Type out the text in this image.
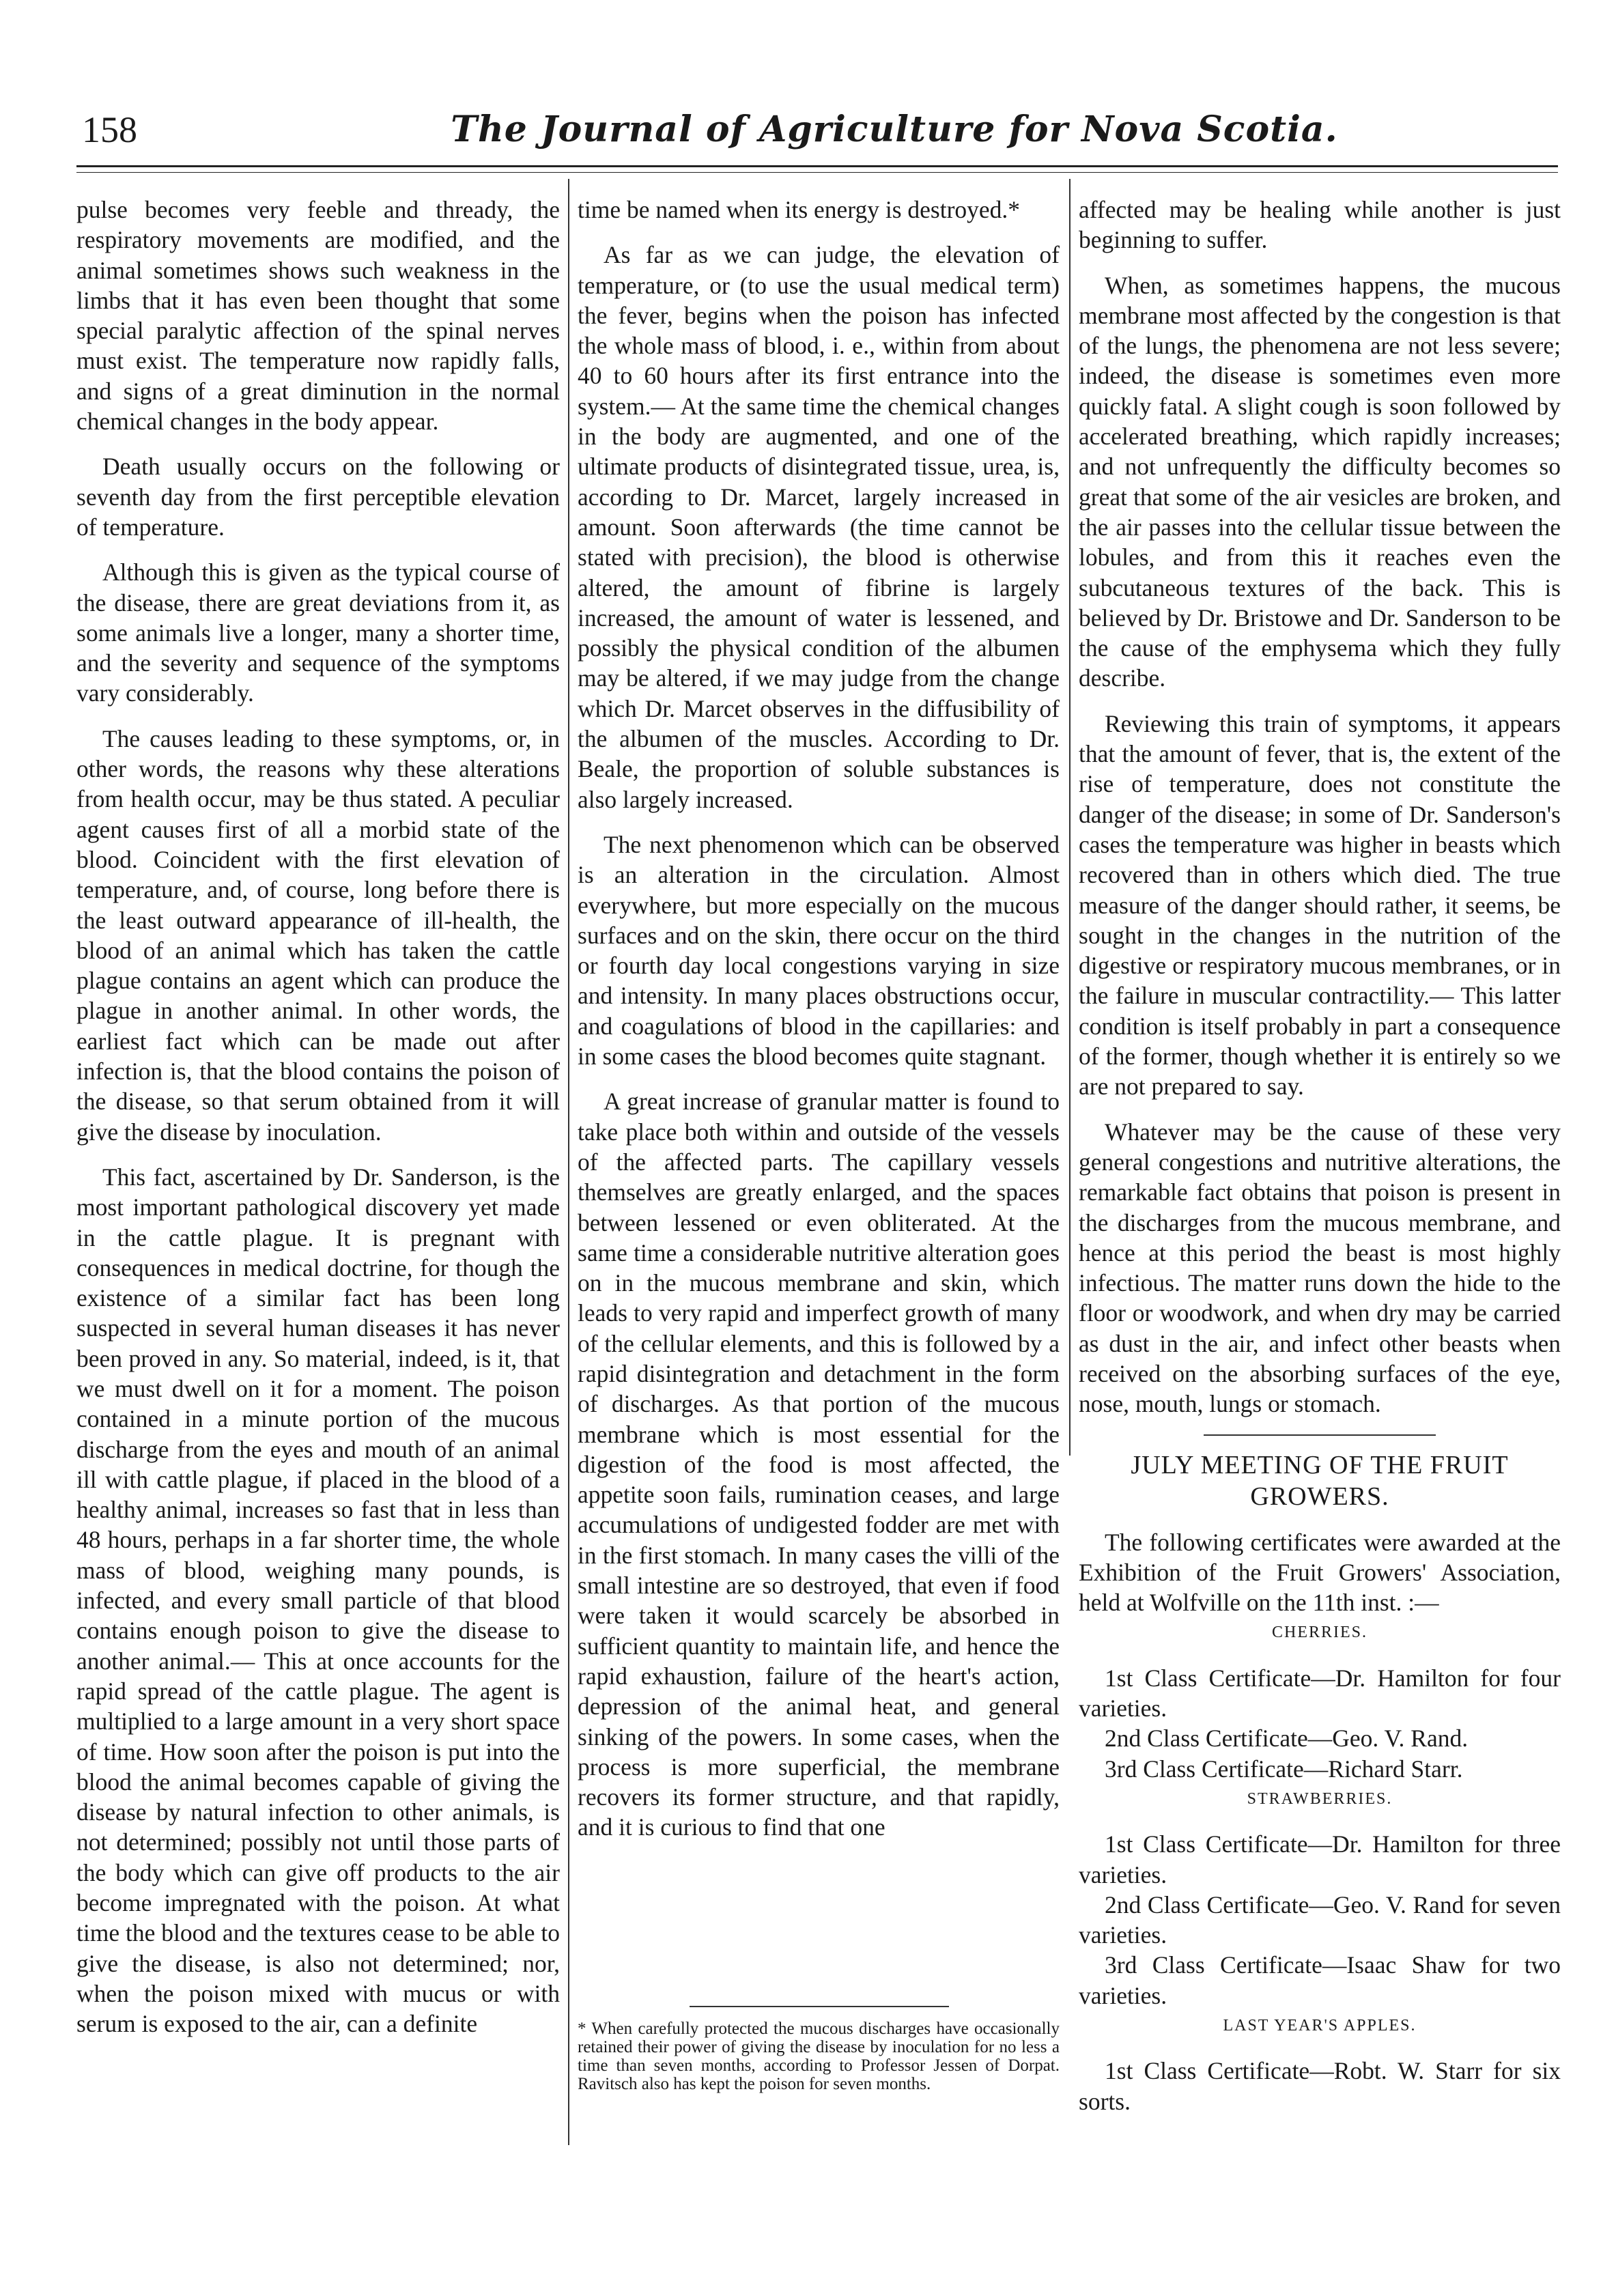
158	The Journal of Agriculture for Nova Scotia.

pulse becomes very feeble and thready, the respiratory movements are modified, and the animal sometimes shows such weakness in the limbs that it has even been thought that some special paralytic affection of the spinal nerves must exist. The temperature now rapidly falls, and signs of a great diminution in the normal chemical changes in the body appear.

Death usually occurs on the following or seventh day from the first perceptible elevation of temperature.

Although this is given as the typical course of the disease, there are great deviations from it, as some animals live a longer, many a shorter time, and the severity and sequence of the symptoms vary considerably.

The causes leading to these symptoms, or, in other words, the reasons why these alterations from health occur, may be thus stated. A peculiar agent causes first of all a morbid state of the blood. Coincident with the first elevation of temperature, and, of course, long before there is the least outward appearance of ill-health, the blood of an animal which has taken the cattle plague contains an agent which can produce the plague in another animal. In other words, the earliest fact which can be made out after infection is, that the blood contains the poison of the disease, so that serum obtained from it will give the disease by inoculation.

This fact, ascertained by Dr. Sanderson, is the most important pathological discovery yet made in the cattle plague. It is pregnant with consequences in medical doctrine, for though the existence of a similar fact has been long suspected in several human diseases it has never been proved in any. So material, indeed, is it, that we must dwell on it for a moment. The poison contained in a minute portion of the mucous discharge from the eyes and mouth of an animal ill with cattle plague, if placed in the blood of a healthy animal, increases so fast that in less than 48 hours, perhaps in a far shorter time, the whole mass of blood, weighing many pounds, is infected, and every small particle of that blood contains enough poison to give the disease to another animal.— This at once accounts for the rapid spread of the cattle plague. The agent is multiplied to a large amount in a very short space of time. How soon after the poison is put into the blood the animal becomes capable of giving the disease by natural infection to other animals, is not determined; possibly not until those parts of the body which can give off products to the air become impregnated with the poison. At what time the blood and the textures cease to be able to give the disease, is also not determined; nor, when the poison mixed with mucus or with serum is exposed to the air, can a definite

time be named when its energy is destroyed.*

As far as we can judge, the elevation of temperature, or (to use the usual medical term) the fever, begins when the poison has infected the whole mass of blood, i. e., within from about 40 to 60 hours after its first entrance into the system.— At the same time the chemical changes in the body are augmented, and one of the ultimate products of disintegrated tissue, urea, is, according to Dr. Marcet, largely increased in amount. Soon afterwards (the time cannot be stated with precision), the blood is otherwise altered, the amount of fibrine is largely increased, the amount of water is lessened, and possibly the physical condition of the albumen may be altered, if we may judge from the change which Dr. Marcet observes in the diffusibility of the albumen of the muscles. According to Dr. Beale, the proportion of soluble substances is also largely increased.

The next phenomenon which can be observed is an alteration in the circulation. Almost everywhere, but more especially on the mucous surfaces and on the skin, there occur on the third or fourth day local congestions varying in size and intensity. In many places obstructions occur, and coagulations of blood in the capillaries: and in some cases the blood becomes quite stagnant.

A great increase of granular matter is found to take place both within and outside of the vessels of the affected parts. The capillary vessels themselves are greatly enlarged, and the spaces between lessened or even obliterated. At the same time a considerable nutritive alteration goes on in the mucous membrane and skin, which leads to very rapid and imperfect growth of many of the cellular elements, and this is followed by a rapid disintegration and detachment in the form of discharges. As that portion of the mucous membrane which is most essential for the digestion of the food is most affected, the appetite soon fails, rumination ceases, and large accumulations of undigested fodder are met with in the first stomach. In many cases the villi of the small intestine are so destroyed, that even if food were taken it would scarcely be absorbed in sufficient quantity to maintain life, and hence the rapid exhaustion, failure of the heart's action, depression of the animal heat, and general sinking of the powers. In some cases, when the process is more superficial, the membrane recovers its former structure, and that rapidly, and it is curious to find that one

* When carefully protected the mucous discharges have occasionally retained their power of giving the disease by inoculation for no less a time than seven months, according to Professor Jessen of Dorpat. Ravitsch also has kept the poison for seven months.

affected may be healing while another is just beginning to suffer.

When, as sometimes happens, the mucous membrane most affected by the congestion is that of the lungs, the phenomena are not less severe; indeed, the disease is sometimes even more quickly fatal. A slight cough is soon followed by accelerated breathing, which rapidly increases; and not unfrequently the difficulty becomes so great that some of the air vesicles are broken, and the air passes into the cellular tissue between the lobules, and from this it reaches even the subcutaneous textures of the back. This is believed by Dr. Bristowe and Dr. Sanderson to be the cause of the emphysema which they fully describe.

Reviewing this train of symptoms, it appears that the amount of fever, that is, the extent of the rise of temperature, does not constitute the danger of the disease; in some of Dr. Sanderson's cases the temperature was higher in beasts which recovered than in others which died. The true measure of the danger should rather, it seems, be sought in the changes in the nutrition of the digestive or respiratory mucous membranes, or in the failure in muscular contractility.— This latter condition is itself probably in part a consequence of the former, though whether it is entirely so we are not prepared to say.

Whatever may be the cause of these very general congestions and nutritive alterations, the remarkable fact obtains that poison is present in the discharges from the mucous membrane, and hence at this period the beast is most highly infectious. The matter runs down the hide to the floor or woodwork, and when dry may be carried as dust in the air, and infect other beasts when received on the absorbing surfaces of the eye, nose, mouth, lungs or stomach.

JULY MEETING OF THE FRUIT GROWERS.

The following certificates were awarded at the Exhibition of the Fruit Growers' Association, held at Wolfville on the 11th inst. :—

CHERRIES.

1st Class Certificate—Dr. Hamilton for four varieties.

2nd Class Certificate—Geo. V. Rand.

3rd Class Certificate—Richard Starr.

STRAWBERRIES.

1st Class Certificate—Dr. Hamilton for three varieties.

2nd Class Certificate—Geo. V. Rand for seven varieties.

3rd Class Certificate—Isaac Shaw for two varieties.

LAST YEAR'S APPLES.

1st Class Certificate—Robt. W. Starr for six sorts.
